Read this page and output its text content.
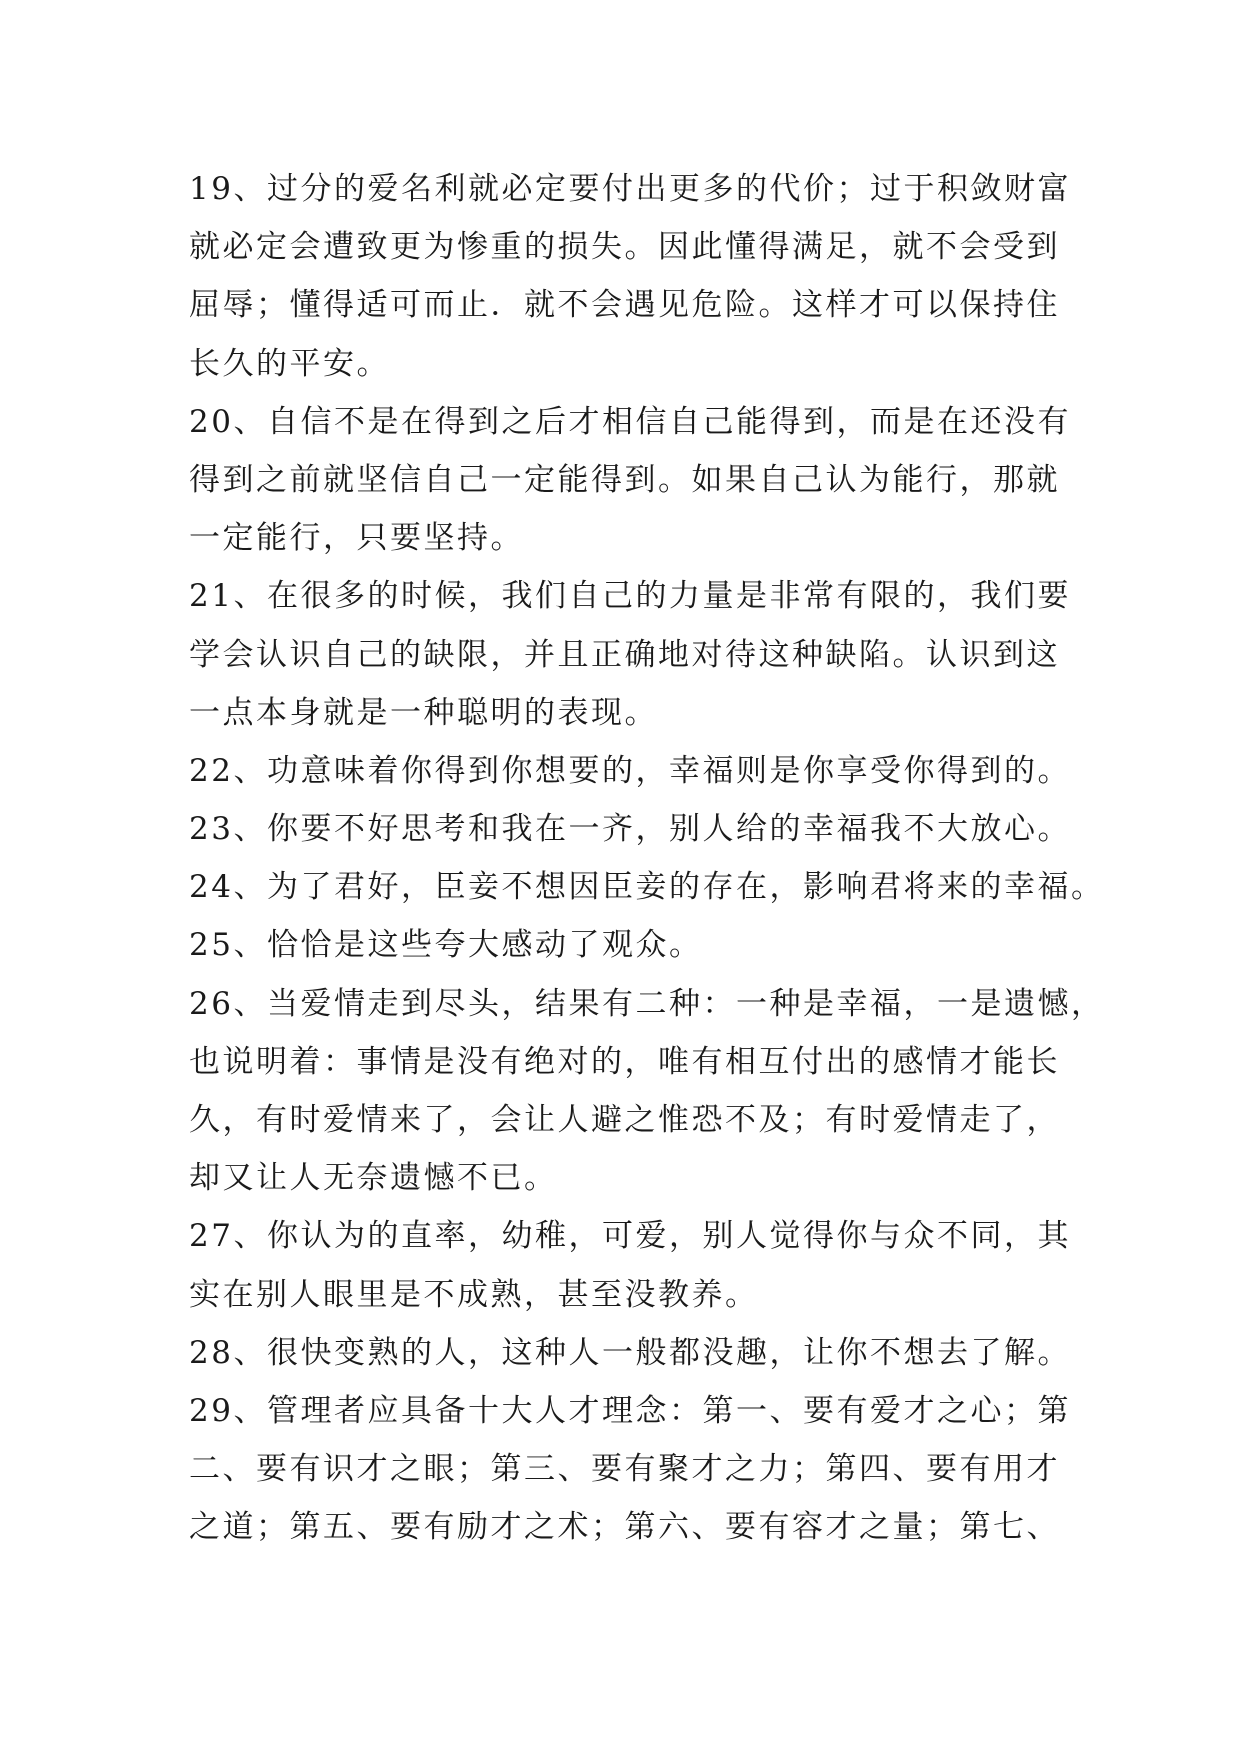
19、过分的爱名利就必定要付出更多的代价；过于积敛财富
就必定会遭致更为惨重的损失。因此懂得满足，就不会受到
屈辱；懂得适可而止．就不会遇见危险。这样才可以保持住
长久的平安。
20、自信不是在得到之后才相信自己能得到，而是在还没有
得到之前就坚信自己一定能得到。如果自己认为能行，那就
一定能行，只要坚持。
21、在很多的时候，我们自己的力量是非常有限的，我们要
学会认识自己的缺限，并且正确地对待这种缺陷。认识到这
一点本身就是一种聪明的表现。
22、功意味着你得到你想要的，幸福则是你享受你得到的。
23、你要不好思考和我在一齐，别人给的幸福我不大放心。
24、为了君好，臣妾不想因臣妾的存在，影响君将来的幸福。
25、恰恰是这些夸大感动了观众。
26、当爱情走到尽头，结果有二种：一种是幸福，一是遗憾，
也说明着：事情是没有绝对的，唯有相互付出的感情才能长
久，有时爱情来了，会让人避之惟恐不及；有时爱情走了，
却又让人无奈遗憾不已。
27、你认为的直率，幼稚，可爱，别人觉得你与众不同，其
实在别人眼里是不成熟，甚至没教养。
28、很快变熟的人，这种人一般都没趣，让你不想去了解。
29、管理者应具备十大人才理念：第一、要有爱才之心；第
二、要有识才之眼；第三、要有聚才之力；第四、要有用才
之道；第五、要有励才之术；第六、要有容才之量；第七、
